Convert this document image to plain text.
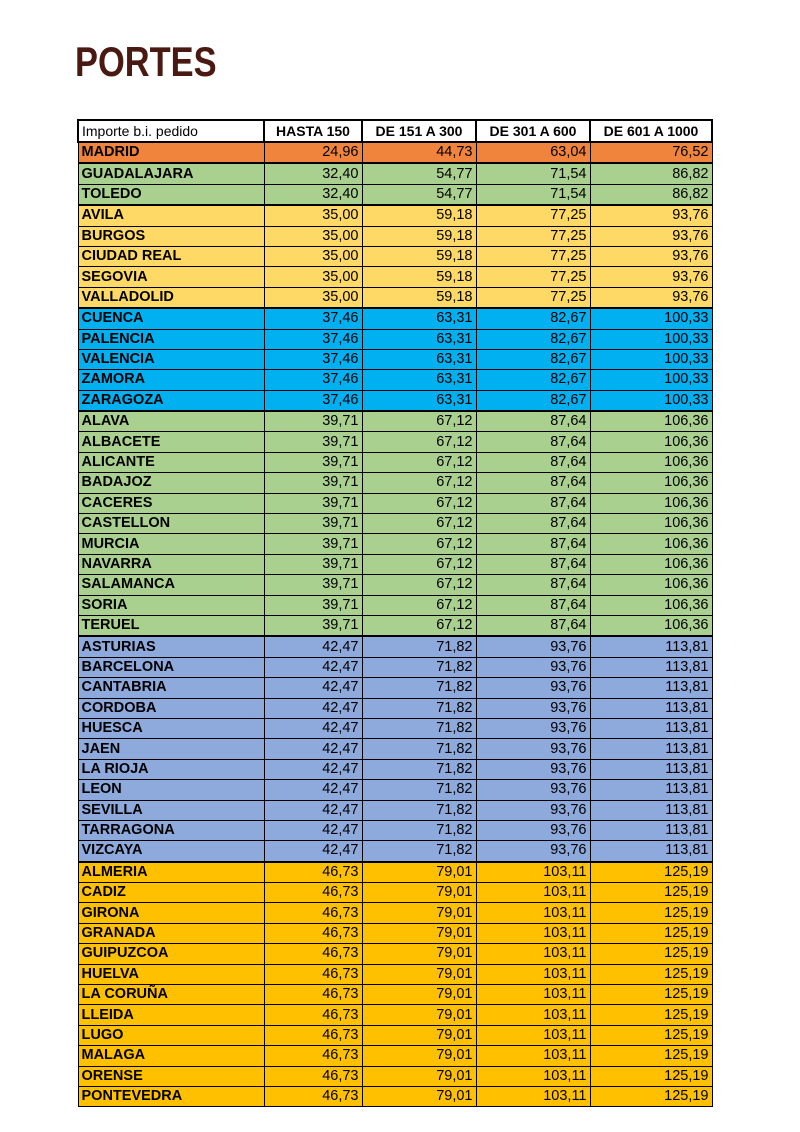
PORTES
Importe b.i. pedido	HASTA 150	DE 151 A 300	DE 301 A 600	DE 601 A 1000
MADRID	24,96	44,73	63,04	76,52
GUADALAJARA	32,40	54,77	71,54	86,82
TOLEDO	32,40	54,77	71,54	86,82
AVILA	35,00	59,18	77,25	93,76
BURGOS	35,00	59,18	77,25	93,76
CIUDAD REAL	35,00	59,18	77,25	93,76
SEGOVIA	35,00	59,18	77,25	93,76
VALLADOLID	35,00	59,18	77,25	93,76
CUENCA	37,46	63,31	82,67	100,33
PALENCIA	37,46	63,31	82,67	100,33
VALENCIA	37,46	63,31	82,67	100,33
ZAMORA	37,46	63,31	82,67	100,33
ZARAGOZA	37,46	63,31	82,67	100,33
ALAVA	39,71	67,12	87,64	106,36
ALBACETE	39,71	67,12	87,64	106,36
ALICANTE	39,71	67,12	87,64	106,36
BADAJOZ	39,71	67,12	87,64	106,36
CACERES	39,71	67,12	87,64	106,36
CASTELLON	39,71	67,12	87,64	106,36
MURCIA	39,71	67,12	87,64	106,36
NAVARRA	39,71	67,12	87,64	106,36
SALAMANCA	39,71	67,12	87,64	106,36
SORIA	39,71	67,12	87,64	106,36
TERUEL	39,71	67,12	87,64	106,36
ASTURIAS	42,47	71,82	93,76	113,81
BARCELONA	42,47	71,82	93,76	113,81
CANTABRIA	42,47	71,82	93,76	113,81
CORDOBA	42,47	71,82	93,76	113,81
HUESCA	42,47	71,82	93,76	113,81
JAEN	42,47	71,82	93,76	113,81
LA RIOJA	42,47	71,82	93,76	113,81
LEON	42,47	71,82	93,76	113,81
SEVILLA	42,47	71,82	93,76	113,81
TARRAGONA	42,47	71,82	93,76	113,81
VIZCAYA	42,47	71,82	93,76	113,81
ALMERIA	46,73	79,01	103,11	125,19
CADIZ	46,73	79,01	103,11	125,19
GIRONA	46,73	79,01	103,11	125,19
GRANADA	46,73	79,01	103,11	125,19
GUIPUZCOA	46,73	79,01	103,11	125,19
HUELVA	46,73	79,01	103,11	125,19
LA CORUÑA	46,73	79,01	103,11	125,19
LLEIDA	46,73	79,01	103,11	125,19
LUGO	46,73	79,01	103,11	125,19
MALAGA	46,73	79,01	103,11	125,19
ORENSE	46,73	79,01	103,11	125,19
PONTEVEDRA	46,73	79,01	103,11	125,19
